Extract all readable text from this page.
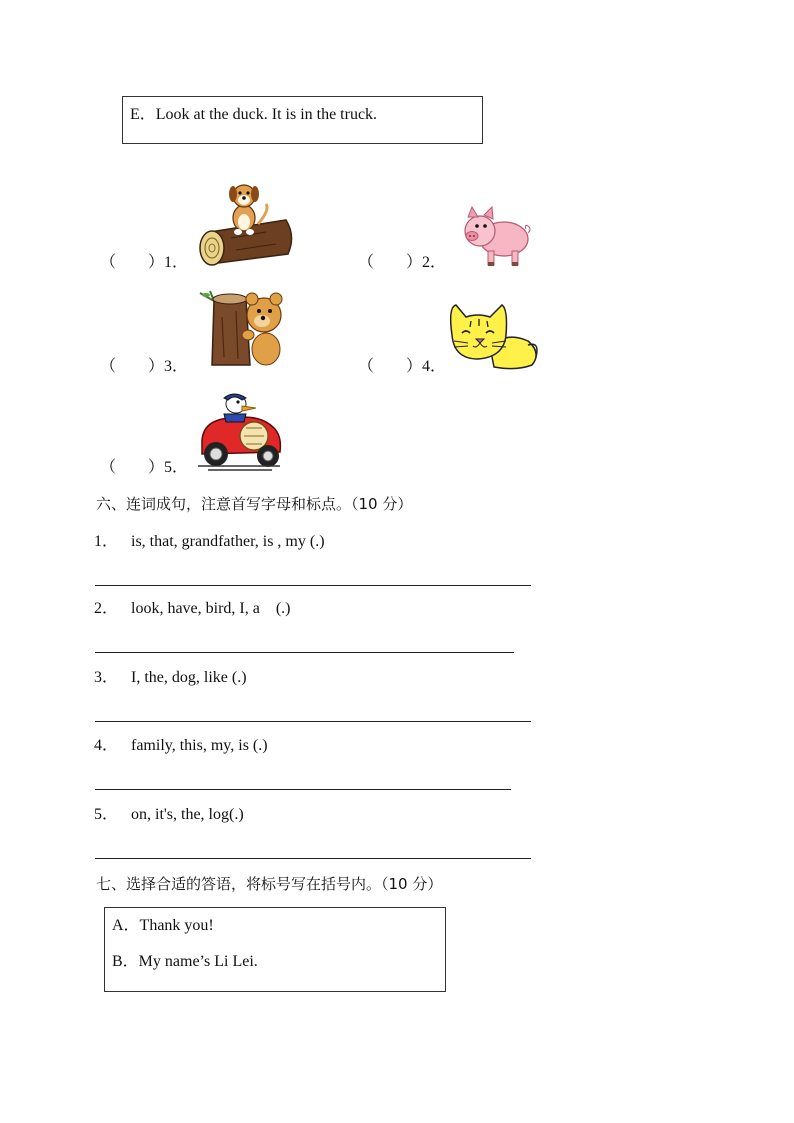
E．Look at the duck. It is in the truck.
（　　）1．	（　　）2．
（　　）3．	（　　）4．
（　　）5．
六、连词成句，注意首写字母和标点。（10 分）
1． is, that, grandfather, is , my (.)
2． look, have, bird, I, a　(.)
3． I, the, dog, like (.)
4． family, this, my, is (.)
5． on, it's, the, log(.)
七、选择合适的答语，将标号写在括号内。（10 分）
A．Thank you!
B．My name’s Li Lei.
